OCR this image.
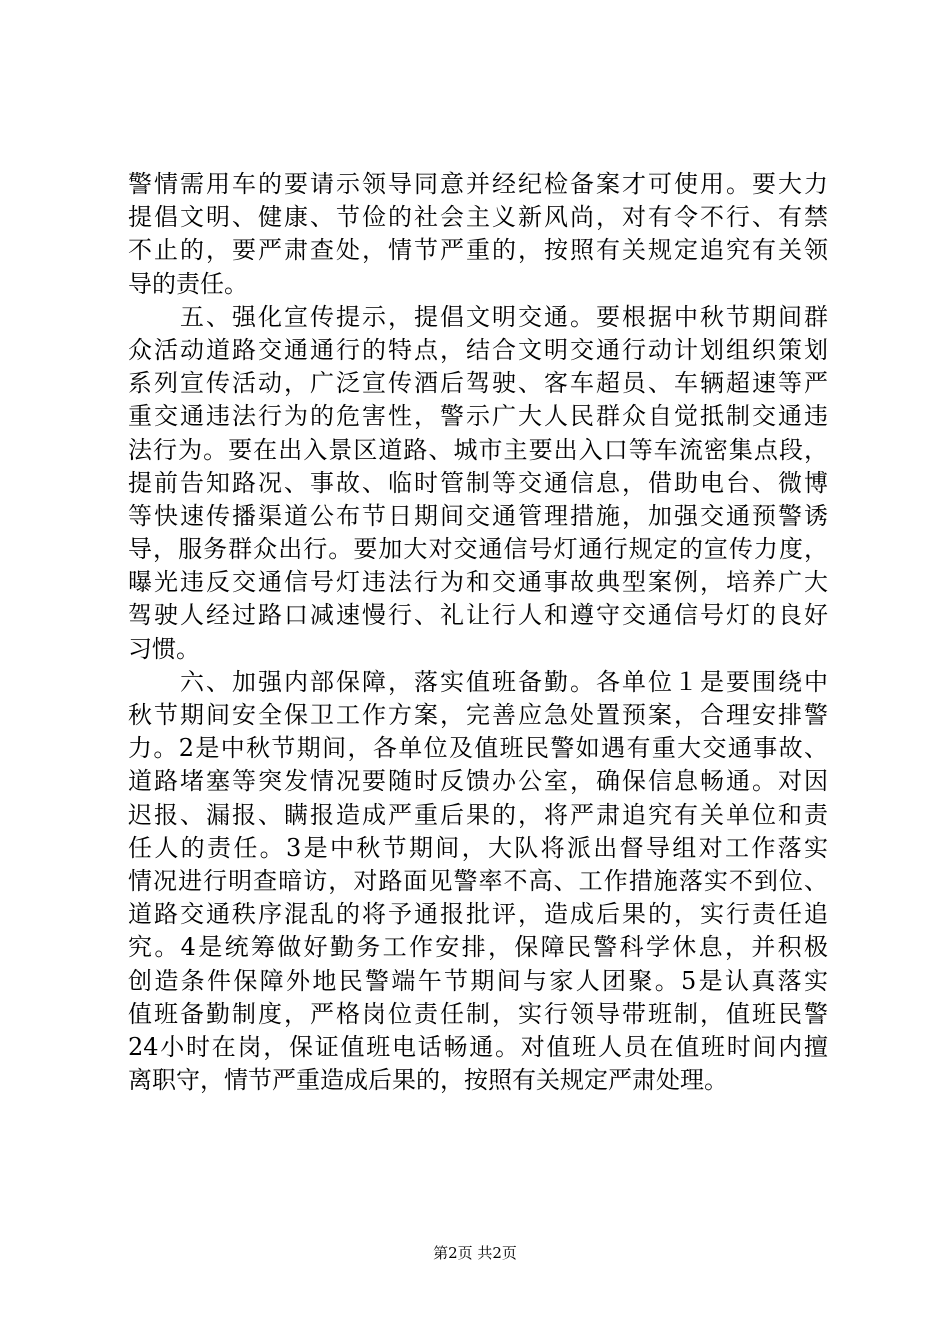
警情需用车的要请示领导同意并经纪检备案才可使用。要大力
提倡文明、健康、节俭的社会主义新风尚，对有令不行、有禁
不止的，要严肃查处，情节严重的，按照有关规定追究有关领
导的责任。
　　五、强化宣传提示，提倡文明交通。要根据中秋节期间群
众活动道路交通通行的特点，结合文明交通行动计划组织策划
系列宣传活动，广泛宣传酒后驾驶、客车超员、车辆超速等严
重交通违法行为的危害性，警示广大人民群众自觉抵制交通违
法行为。要在出入景区道路、城市主要出入口等车流密集点段，
提前告知路况、事故、临时管制等交通信息，借助电台、微博
等快速传播渠道公布节日期间交通管理措施，加强交通预警诱
导，服务群众出行。要加大对交通信号灯通行规定的宣传力度，
曝光违反交通信号灯违法行为和交通事故典型案例，培养广大
驾驶人经过路口减速慢行、礼让行人和遵守交通信号灯的良好
习惯。
　　六、加强内部保障，落实值班备勤。各单位１是要围绕中
秋节期间安全保卫工作方案，完善应急处置预案，合理安排警
力。2是中秋节期间，各单位及值班民警如遇有重大交通事故、
道路堵塞等突发情况要随时反馈办公室，确保信息畅通。对因
迟报、漏报、瞒报造成严重后果的，将严肃追究有关单位和责
任人的责任。3是中秋节期间，大队将派出督导组对工作落实
情况进行明查暗访，对路面见警率不高、工作措施落实不到位、
道路交通秩序混乱的将予通报批评，造成后果的，实行责任追
究。4是统筹做好勤务工作安排，保障民警科学休息，并积极
创造条件保障外地民警端午节期间与家人团聚。5是认真落实
值班备勤制度，严格岗位责任制，实行领导带班制，值班民警
24小时在岗，保证值班电话畅通。对值班人员在值班时间内擅
离职守，情节严重造成后果的，按照有关规定严肃处理。
第2页 共2页
